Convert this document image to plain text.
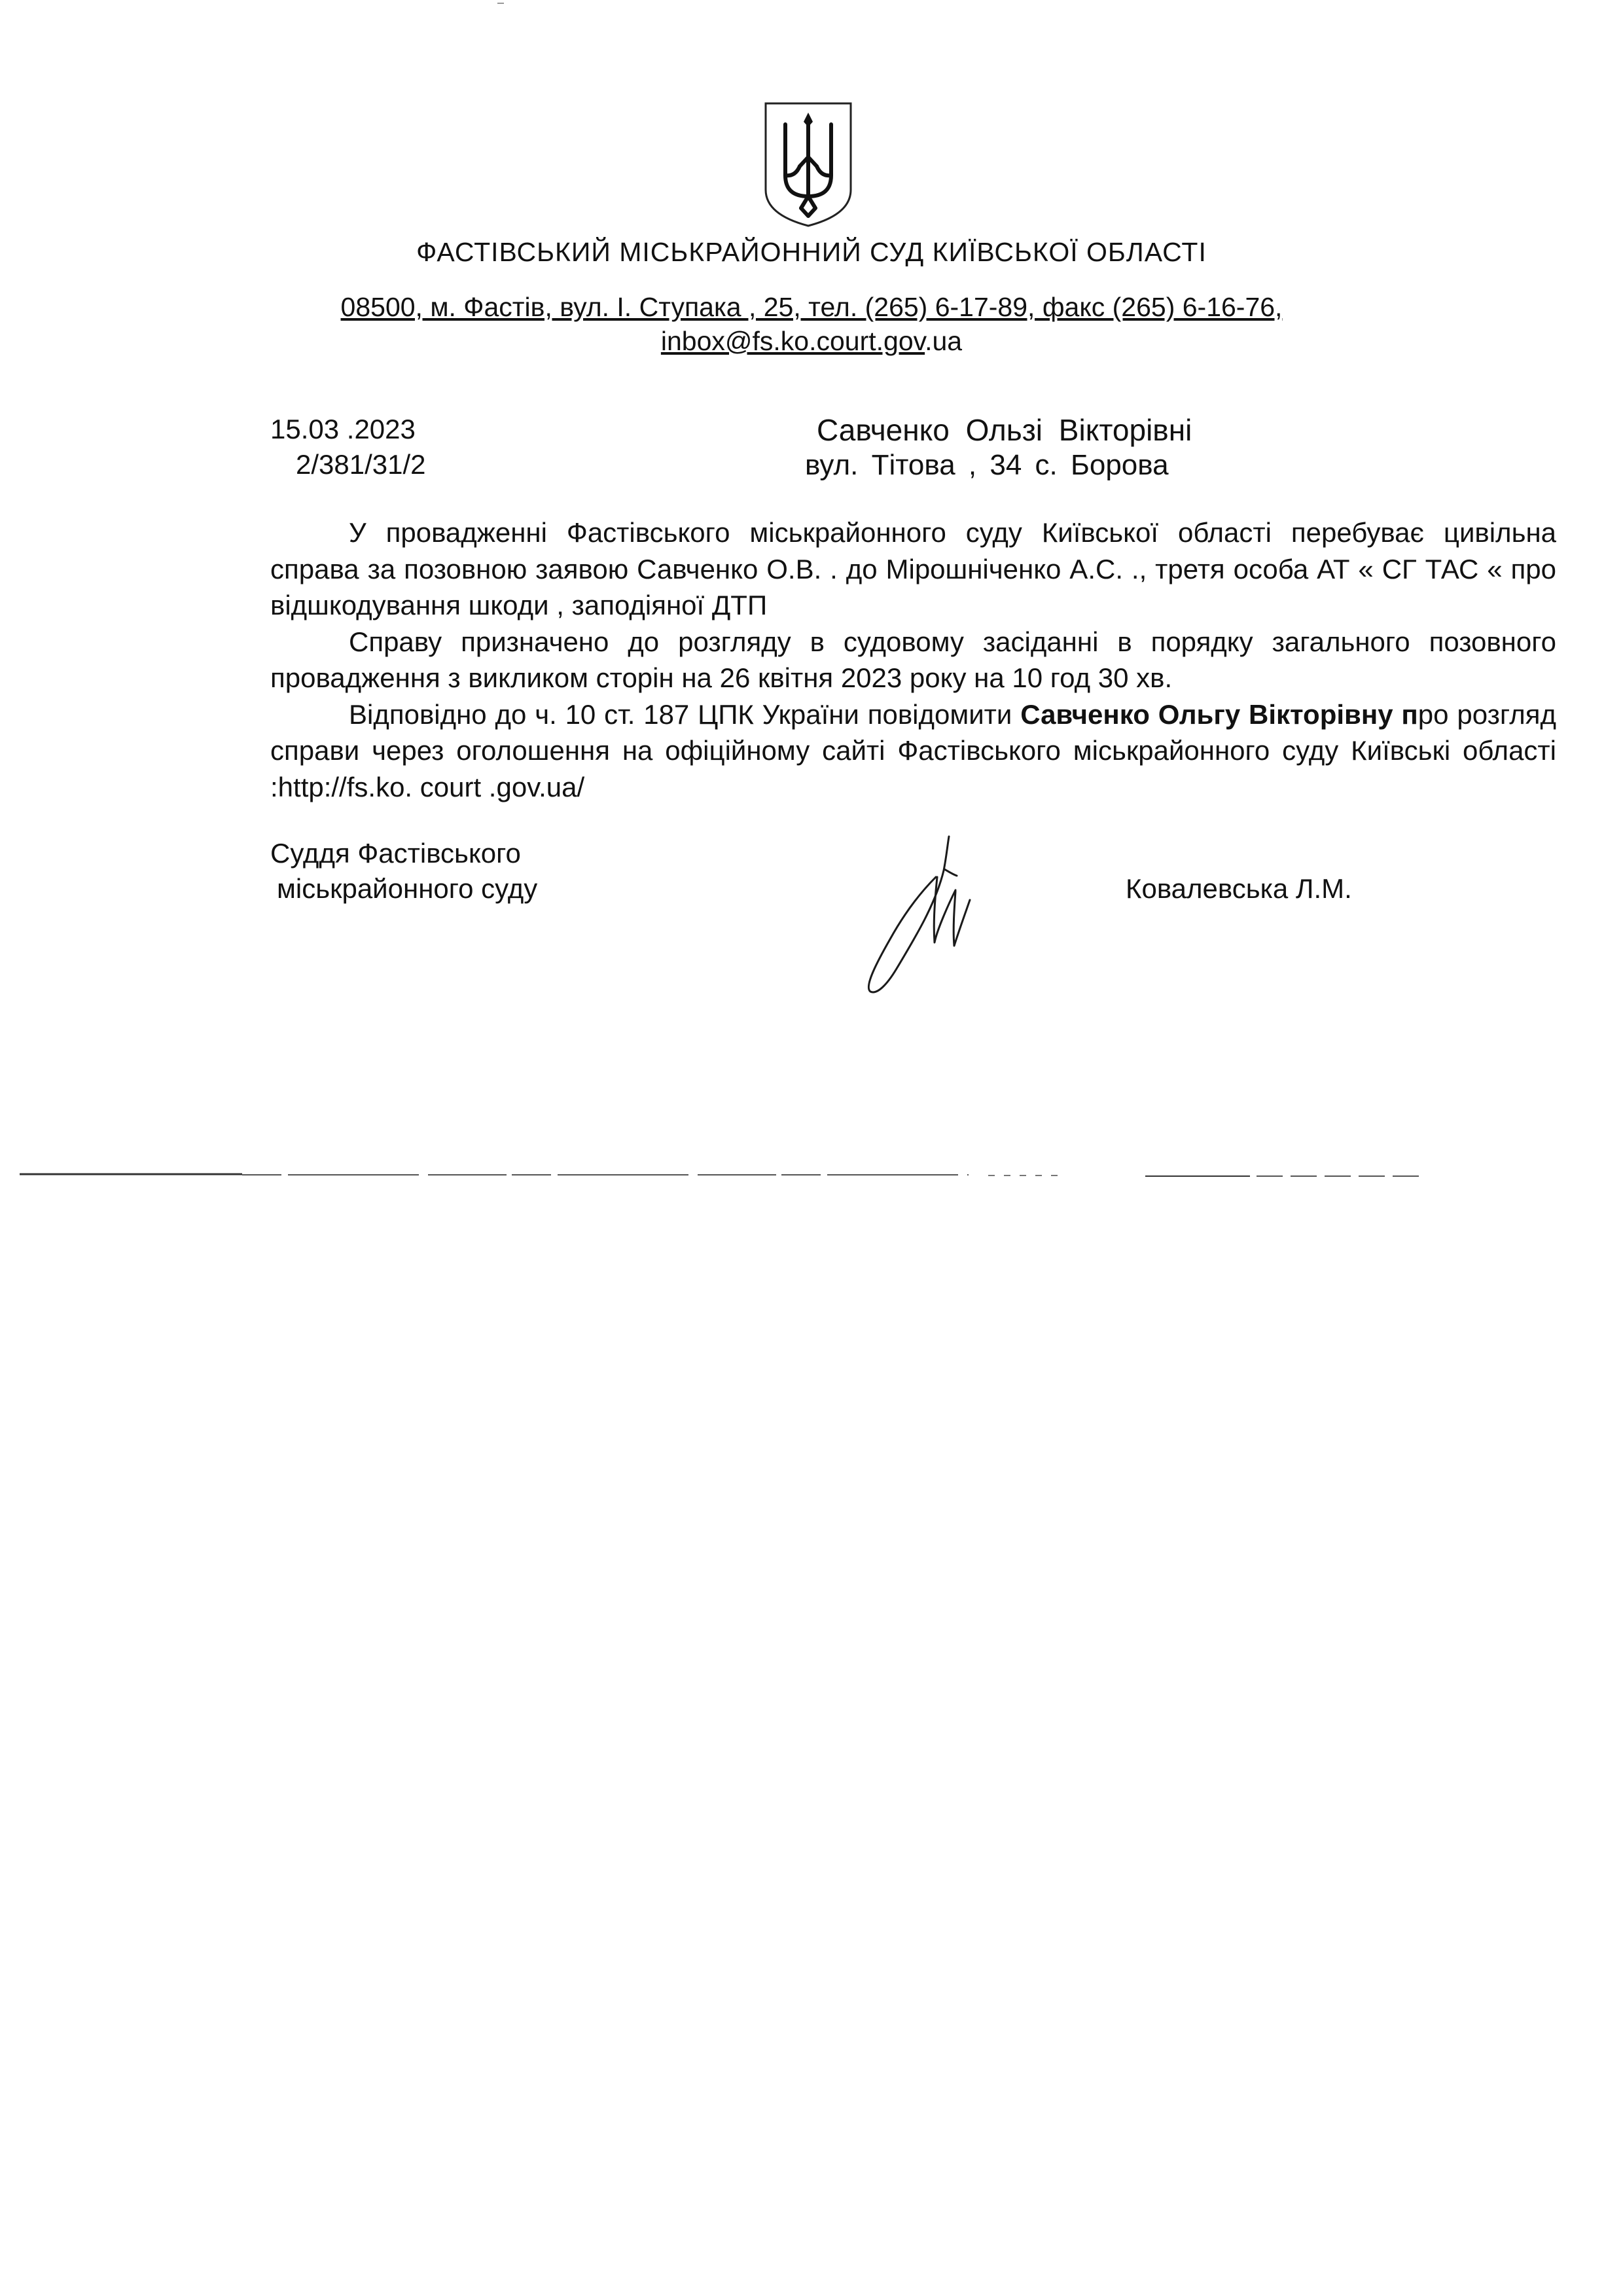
ФАСТІВСЬКИЙ МІСЬКРАЙОННИЙ СУД КИЇВСЬКОЇ ОБЛАСТІ
08500, м. Фастів, вул. І. Ступака , 25, тел. (265) 6-17-89, факс (265) 6-16-76,
inbox@fs.ko.court.gov.ua
15.03 .2023
2/381/31/2
Савченко Ользі Вікторівні
вул. Тітова , 34 с. Борова

У провадженні Фастівського міськрайонного суду Київської області перебуває цивільна справа за позовною заявою Савченко О.В. . до Мірошніченко А.С. ., третя особа АТ « СГ ТАС « про відшкодування шкоди , заподіяної ДТП

Справу призначено до розгляду в судовому засіданні в порядку загального позовного провадження з викликом сторін на 26 квітня 2023 року на 10 год 30 хв.

Відповідно до ч. 10 ст. 187 ЦПК України повідомити Савченко Ольгу Вікторівну про розгляд справи через оголошення на офіційному сайті Фастівського міськрайонного суду Київські області :http://fs.ko. court .gov.ua/

Суддя Фастівського
міськрайонного суду	Ковалевська Л.М.
